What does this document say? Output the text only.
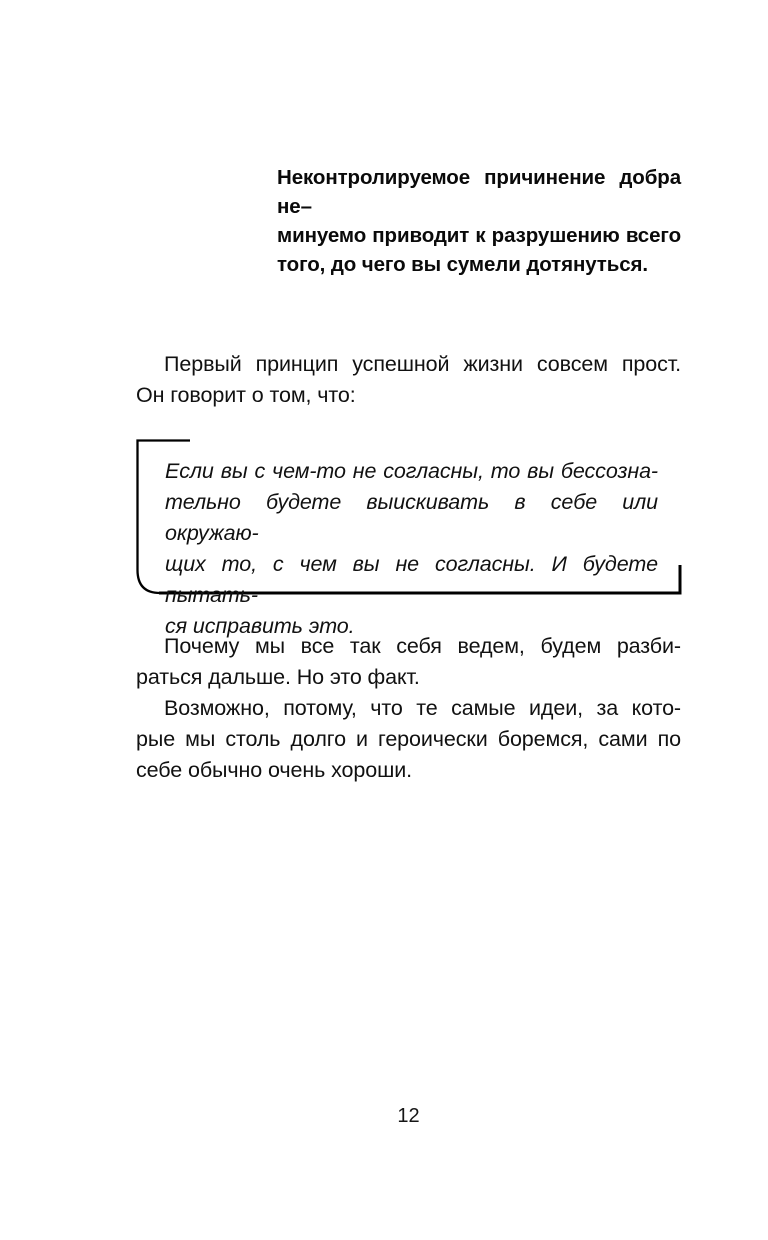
Неконтролируемое причинение добра не–
минуемо приводит к разрушению всего
того, до чего вы сумели дотянуться.
Первый принцип успешной жизни совсем прост.
Он говорит о том, что:
Если вы с чем-то не согласны, то вы бессозна-
тельно будете выискивать в себе или окружаю-
щих то, с чем вы не согласны. И будете пытать-
ся исправить это.
Почему мы все так себя ведем, будем разби-
раться дальше. Но это факт.
Возможно, потому, что те самые идеи, за кото-
рые мы столь долго и героически боремся, сами по
себе обычно очень хороши.
12
